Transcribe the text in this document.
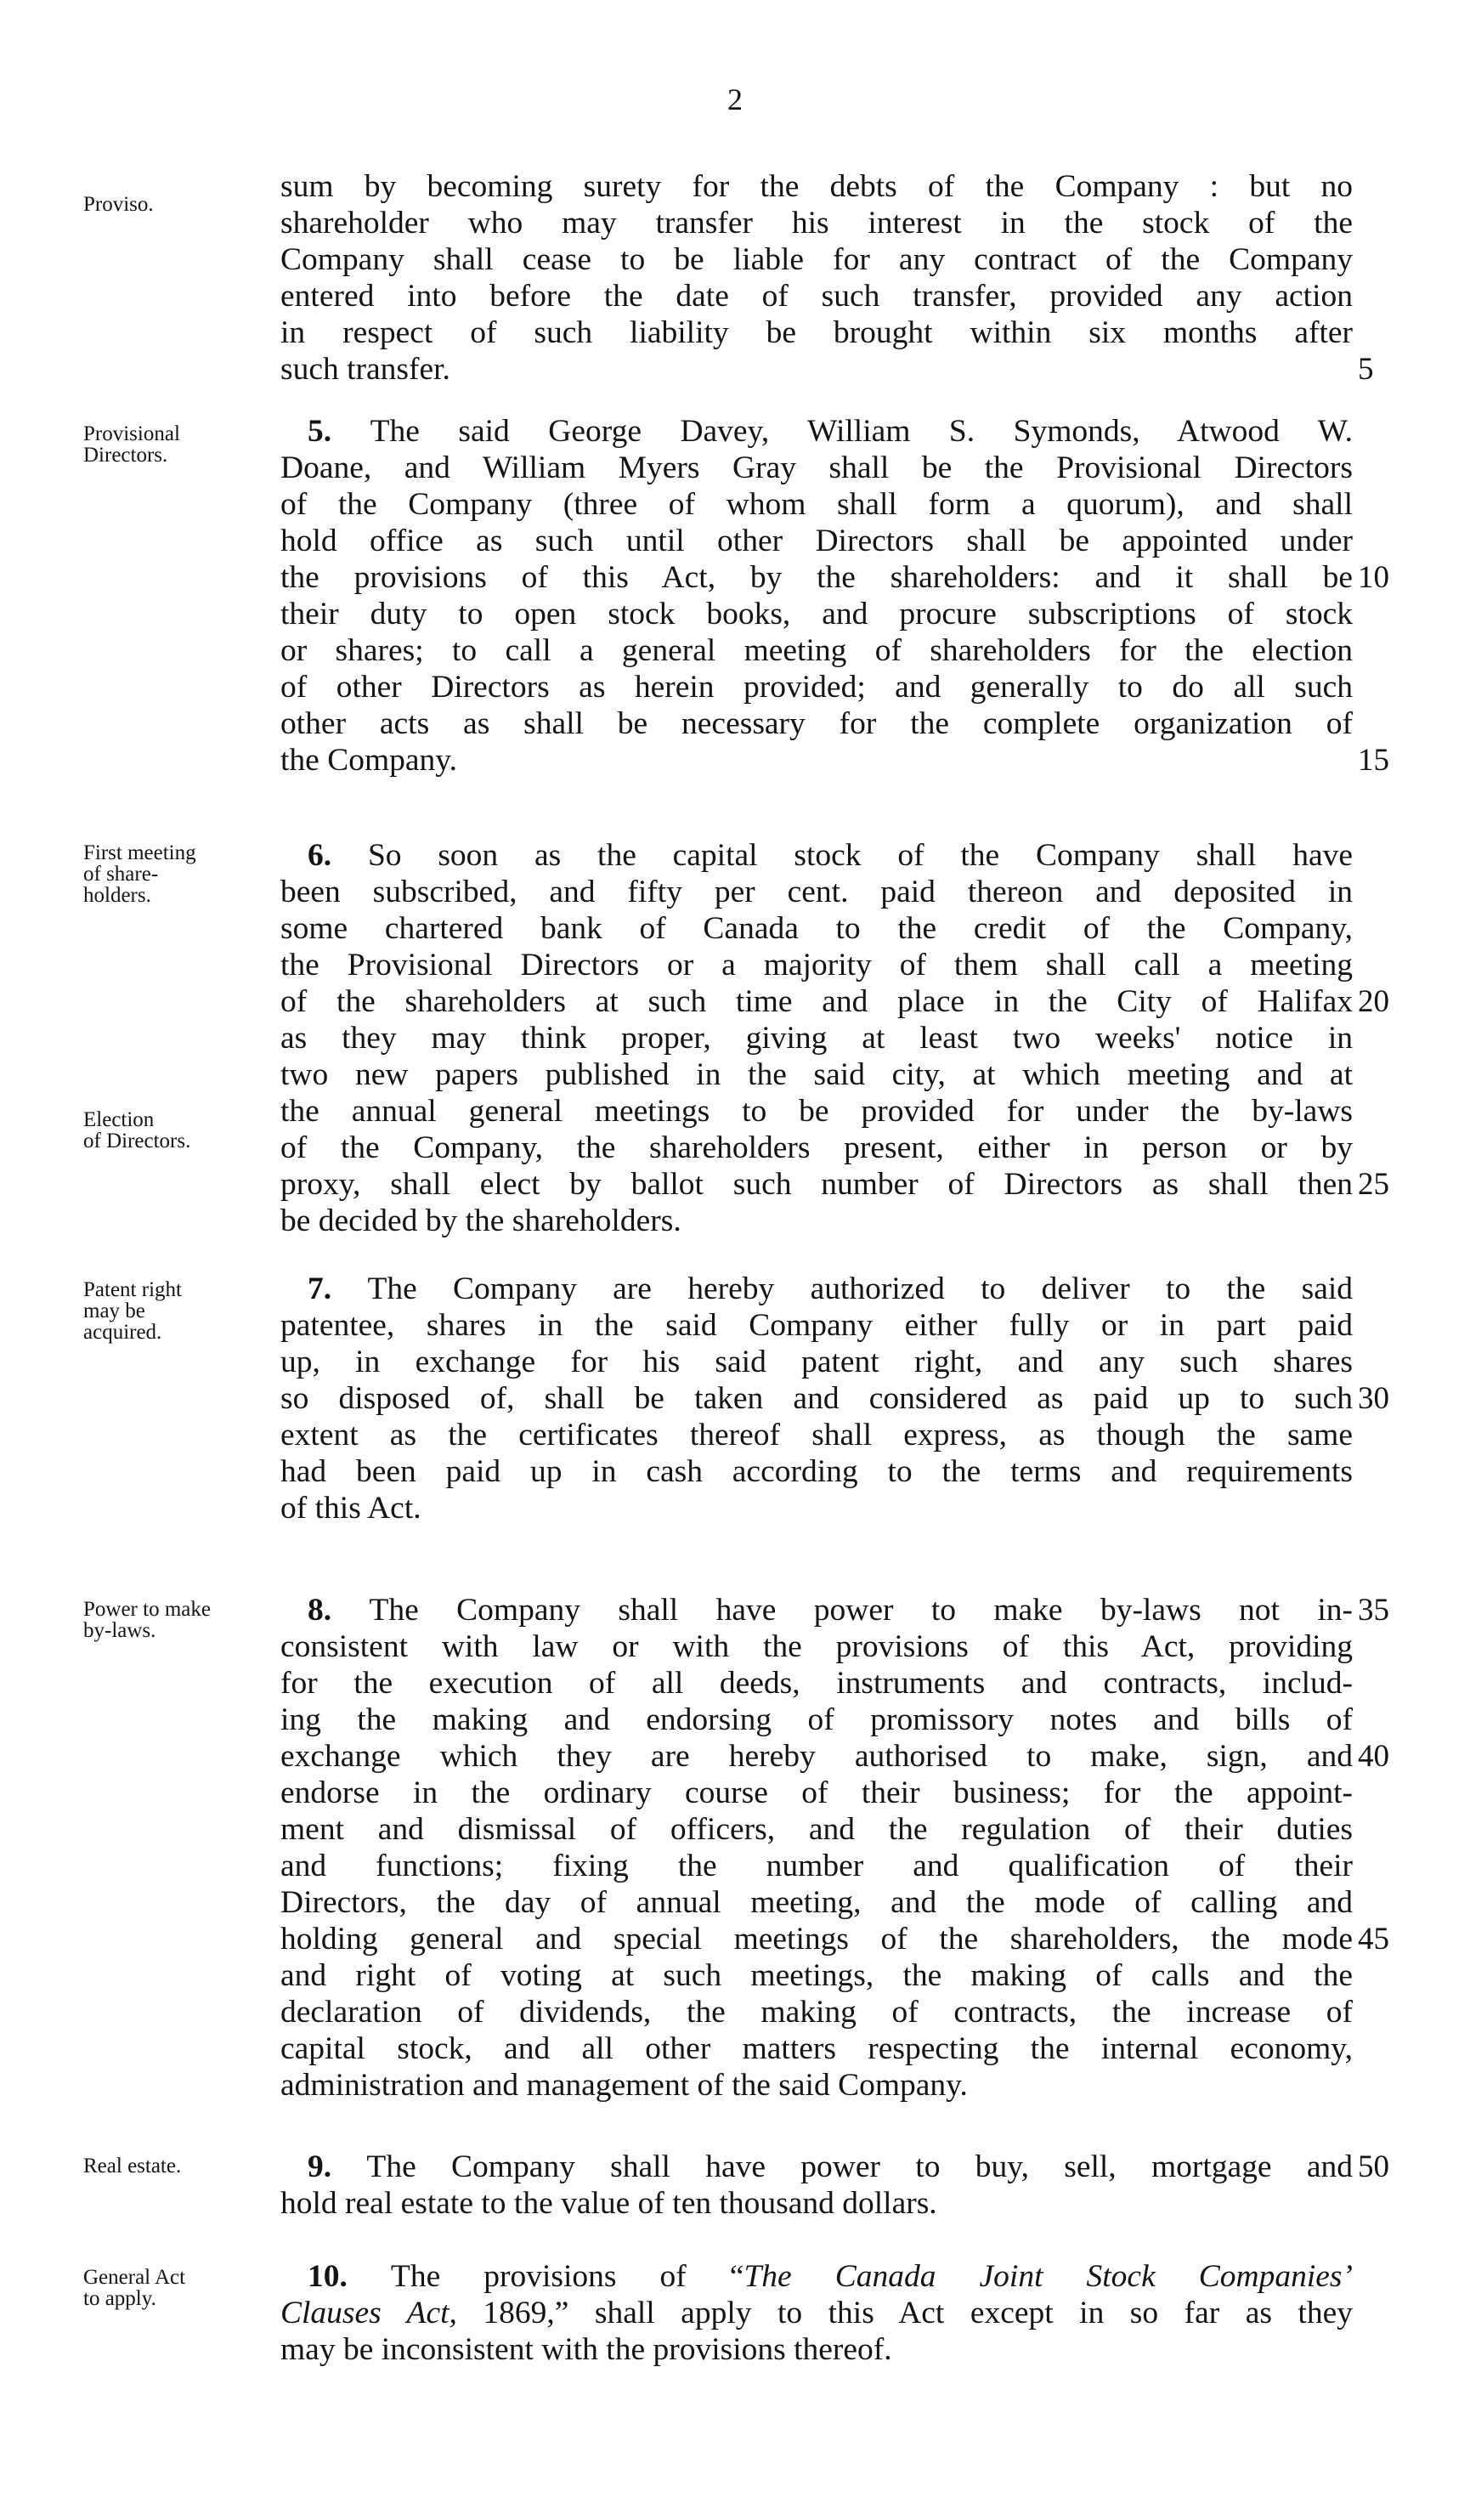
2
Proviso.
sum by becoming surety for the debts of the Company : but no
shareholder who may transfer his interest in the stock of the
Company shall cease to be liable for any contract of the Company
entered into before the date of such transfer, provided any action
in respect of such liability be brought within six months after
such transfer.	5
Provisional
Directors.
5. The said George Davey, William S. Symonds, Atwood W.
Doane, and William Myers Gray shall be the Provisional Directors
of the Company (three of whom shall form a quorum), and shall
hold office as such until other Directors shall be appointed under
the provisions of this Act, by the shareholders: and it shall be
their duty to open stock books, and procure subscriptions of stock
or shares; to call a general meeting of shareholders for the election
of other Directors as herein provided; and generally to do all such
other acts as shall be necessary for the complete organization of
the Company.
10
15
First meeting
of share-
holders.
Election
of Directors.
6. So soon as the capital stock of the Company shall have
been subscribed, and fifty per cent. paid thereon and deposited in
some chartered bank of Canada to the credit of the Company,
the Provisional Directors or a majority of them shall call a meeting
of the shareholders at such time and place in the City of Halifax
as they may think proper, giving at least two weeks' notice in
two new papers published in the said city, at which meeting and at
the annual general meetings to be provided for under the by-laws
of the Company, the shareholders present, either in person or by
proxy, shall elect by ballot such number of Directors as shall then
be decided by the shareholders.
20
25
Patent right
may be
acquired.
7. The Company are hereby authorized to deliver to the said
patentee, shares in the said Company either fully or in part paid
up, in exchange for his said patent right, and any such shares
so disposed of, shall be taken and considered as paid up to such
extent as the certificates thereof shall express, as though the same
had been paid up in cash according to the terms and requirements
of this Act.
30
Power to make
by-laws.
8. The Company shall have power to make by-laws not in-
consistent with law or with the provisions of this Act, providing
for the execution of all deeds, instruments and contracts, includ-
ing the making and endorsing of promissory notes and bills of
exchange which they are hereby authorised to make, sign, and
endorse in the ordinary course of their business; for the appoint-
ment and dismissal of officers, and the regulation of their duties
and functions; fixing the number and qualification of their
Directors, the day of annual meeting, and the mode of calling and
holding general and special meetings of the shareholders, the mode
and right of voting at such meetings, the making of calls and the
declaration of dividends, the making of contracts, the increase of
capital stock, and all other matters respecting the internal economy,
administration and management of the said Company.
35
40
45
Real estate.	9. The Company shall have power to buy, sell, mortgage and
hold real estate to the value of ten thousand dollars.
50
General Act
to apply.
10. The provisions of “The Canada Joint Stock Companies’
Clauses Act, 1869,” shall apply to this Act except in so far as they
may be inconsistent with the provisions thereof.
